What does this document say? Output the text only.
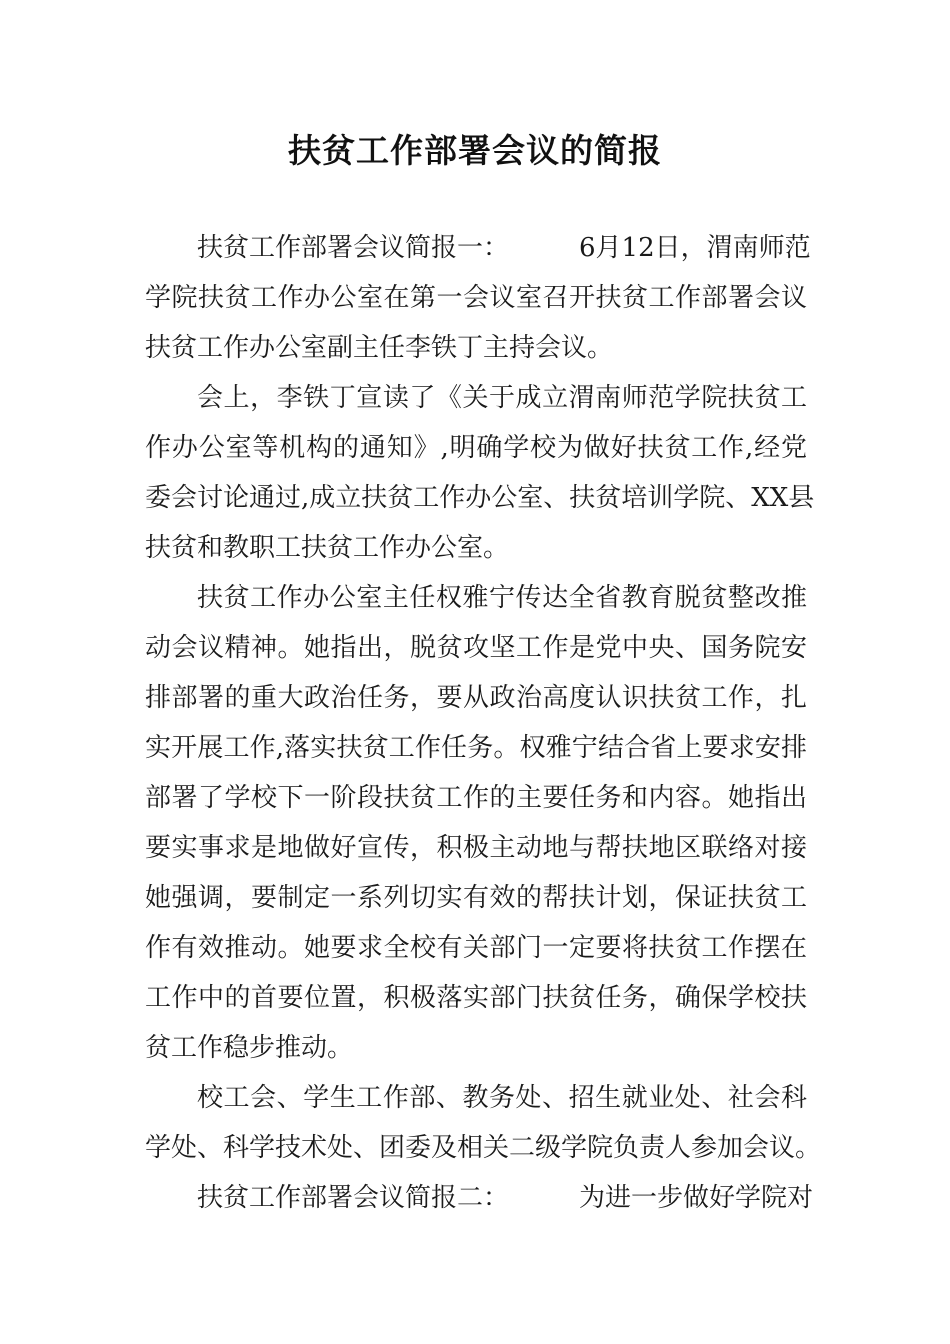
扶贫工作部署会议的简报
扶贫工作部署会议简报一：	6月12日，渭南师范
学院扶贫工作办公室在第一会议室召开扶贫工作部署会议
扶贫工作办公室副主任李铁丁主持会议。
会上，李铁丁宣读了《关于成立渭南师范学院扶贫工
作办公室等机构的通知》,明确学校为做好扶贫工作,经党
委会讨论通过,成立扶贫工作办公室、扶贫培训学院、XX县
扶贫和教职工扶贫工作办公室。
扶贫工作办公室主任权雅宁传达全省教育脱贫整改推
动会议精神。她指出，脱贫攻坚工作是党中央、国务院安
排部署的重大政治任务，要从政治高度认识扶贫工作，扎
实开展工作,落实扶贫工作任务。权雅宁结合省上要求安排
部署了学校下一阶段扶贫工作的主要任务和内容。她指出
要实事求是地做好宣传，积极主动地与帮扶地区联络对接
她强调，要制定一系列切实有效的帮扶计划，保证扶贫工
作有效推动。她要求全校有关部门一定要将扶贫工作摆在
工作中的首要位置，积极落实部门扶贫任务，确保学校扶
贫工作稳步推动。
校工会、学生工作部、教务处、招生就业处、社会科
学处、科学技术处、团委及相关二级学院负责人参加会议。
扶贫工作部署会议简报二：	为进一步做好学院对
